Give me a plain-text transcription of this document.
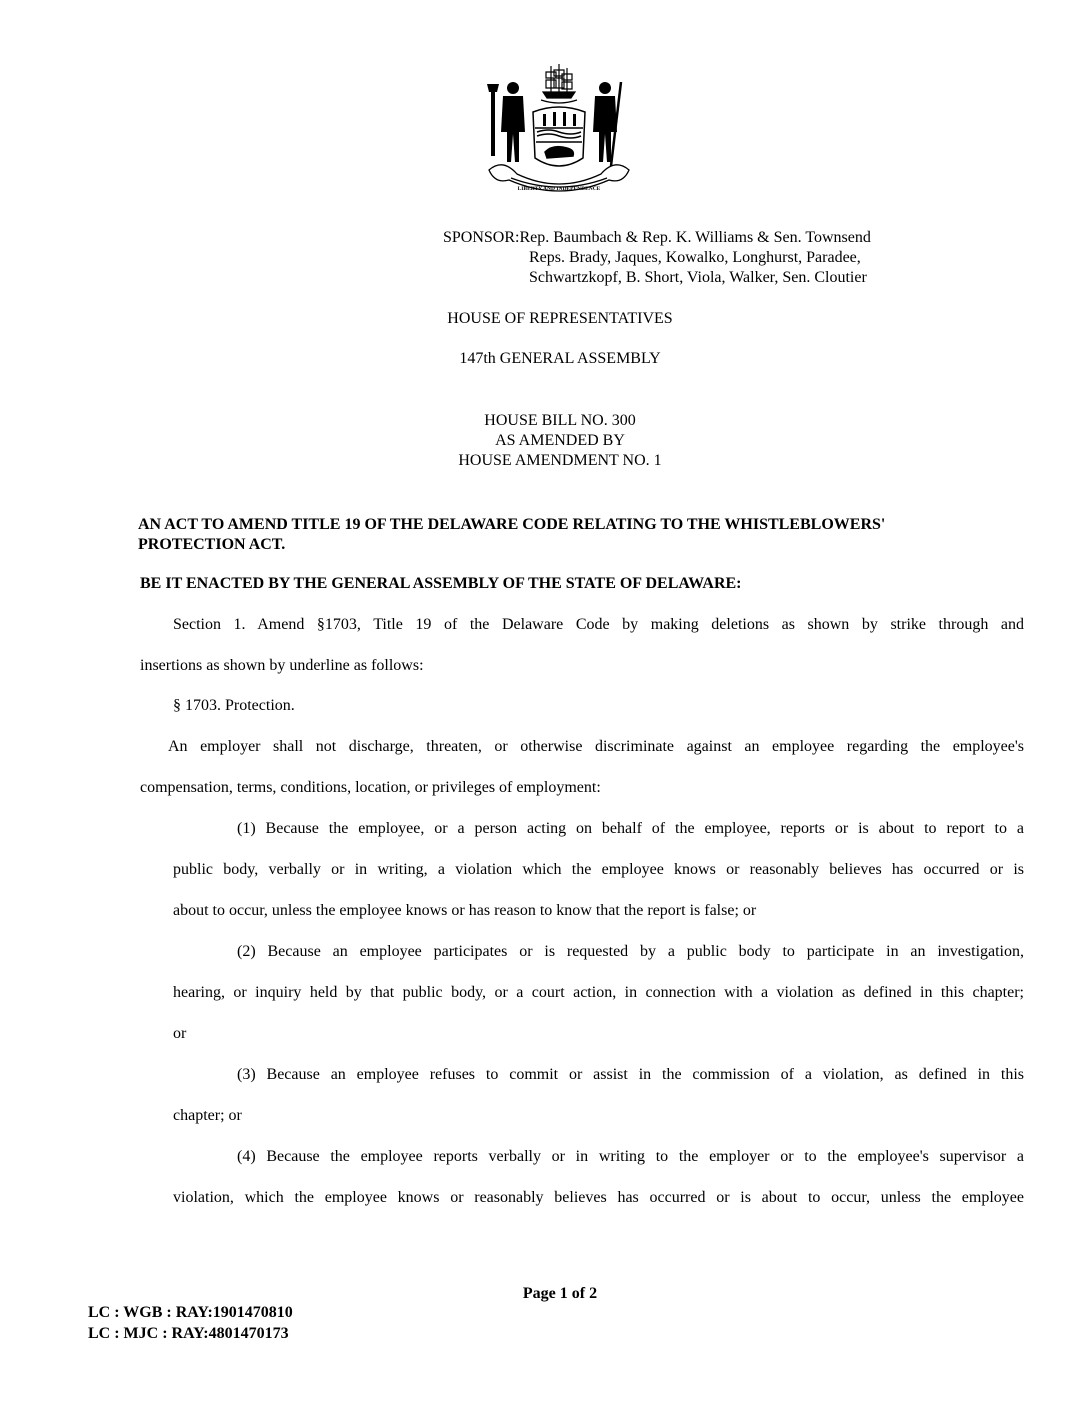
LIBERTY AND INDEPENDENCE
SPONSOR:Rep. Baumbach & Rep. K. Williams & Sen. Townsend
Reps. Brady, Jaques, Kowalko, Longhurst, Paradee,
Schwartzkopf, B. Short, Viola, Walker, Sen. Cloutier
HOUSE OF REPRESENTATIVES
147th GENERAL ASSEMBLY
HOUSE BILL NO. 300
AS AMENDED BY
HOUSE AMENDMENT NO. 1
AN ACT TO AMEND TITLE 19 OF THE DELAWARE CODE RELATING TO THE WHISTLEBLOWERS'
PROTECTION ACT.
BE IT ENACTED BY THE GENERAL ASSEMBLY OF THE STATE OF DELAWARE:
Section 1. Amend §1703, Title 19 of the Delaware Code by making deletions as shown by strike through and
insertions as shown by underline as follows:
§ 1703. Protection.
An employer shall not discharge, threaten, or otherwise discriminate against an employee regarding the employee's
compensation, terms, conditions, location, or privileges of employment:
(1) Because the employee, or a person acting on behalf of the employee, reports or is about to report to a
public body, verbally or in writing, a violation which the employee knows or reasonably believes has occurred or is
about to occur, unless the employee knows or has reason to know that the report is false; or
(2) Because an employee participates or is requested by a public body to participate in an investigation,
hearing, or inquiry held by that public body, or a court action, in connection with a violation as defined in this chapter;
or
(3) Because an employee refuses to commit or assist in the commission of a violation, as defined in this
chapter; or
(4) Because the employee reports verbally or in writing to the employer or to the employee's supervisor a
violation, which the employee knows or reasonably believes has occurred or is about to occur, unless the employee
Page 1 of 2
LC : WGB : RAY:1901470810
LC : MJC : RAY:4801470173
